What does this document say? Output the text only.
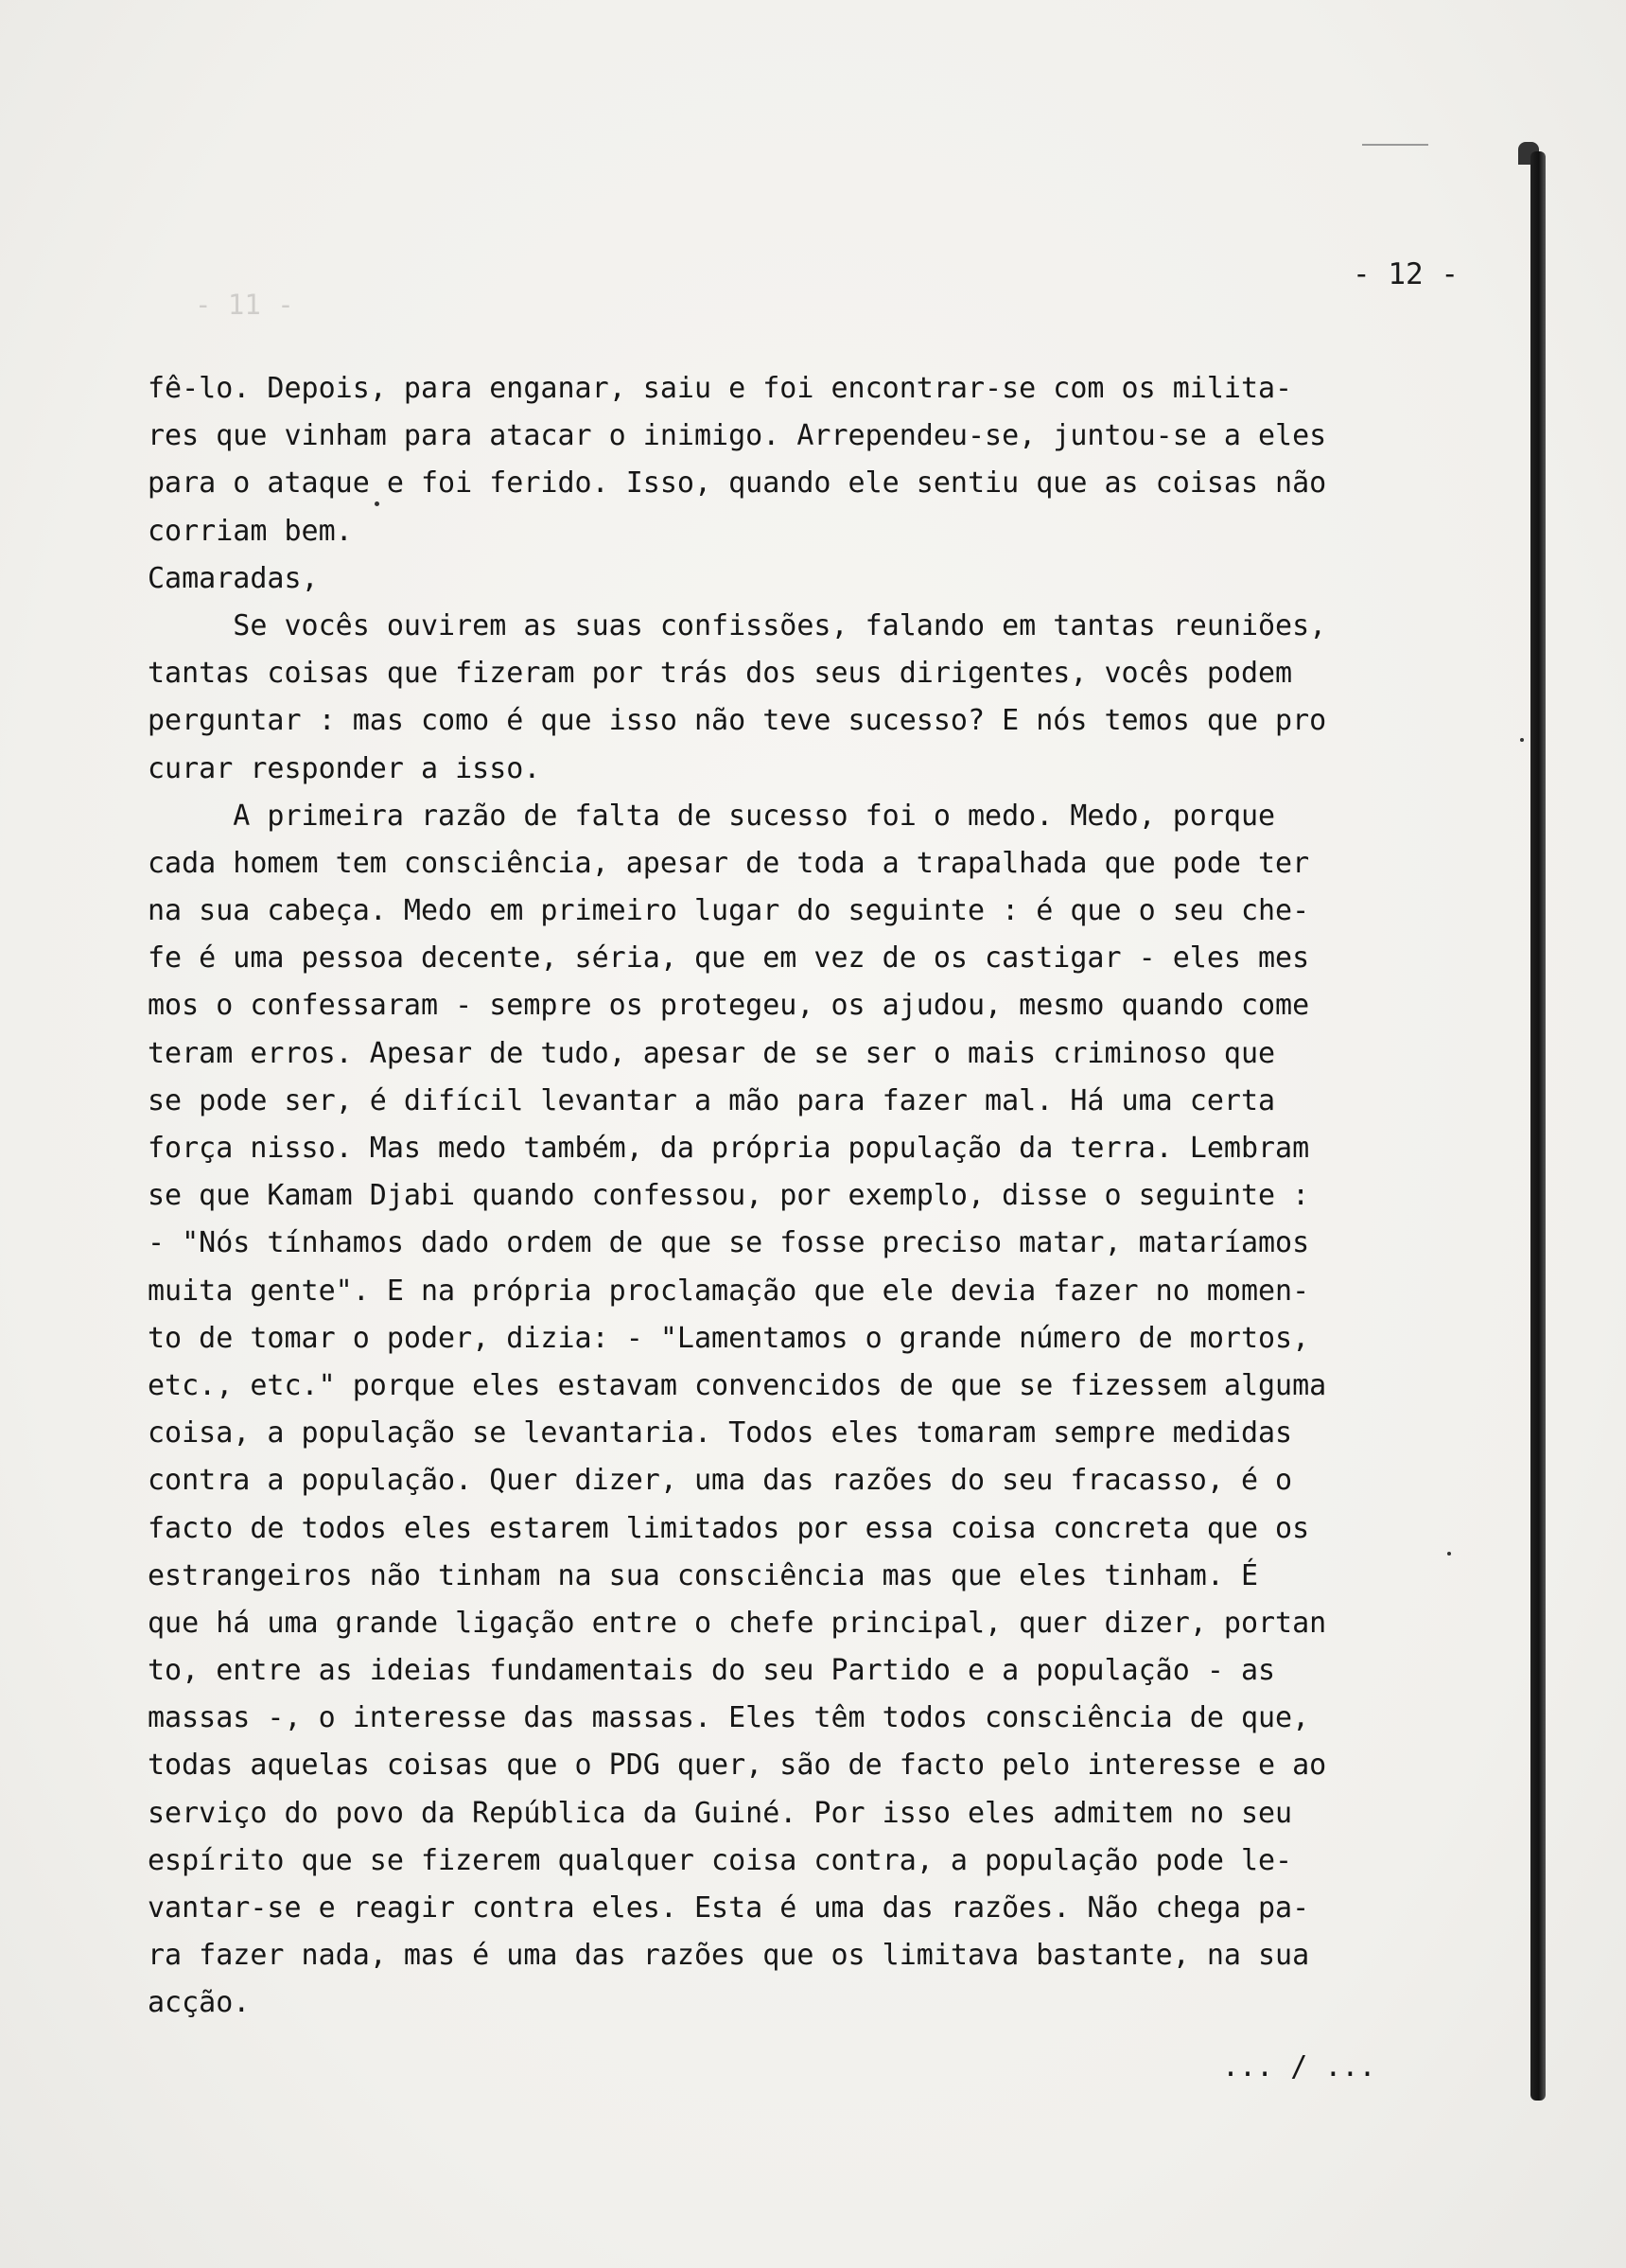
- 12 -
- 11 -
fê-lo. Depois, para enganar, saiu e foi encontrar-se com os milita-
res que vinham para atacar o inimigo. Arrependeu-se, juntou-se a eles
para o ataque e foi ferido. Isso, quando ele sentiu que as coisas não
corriam bem.
Camaradas,
Se vocês ouvirem as suas confissões, falando em tantas reuniões,
tantas coisas que fizeram por trás dos seus dirigentes, vocês podem
perguntar : mas como é que isso não teve sucesso? E nós temos que pro
curar responder a isso.
A primeira razão de falta de sucesso foi o medo. Medo, porque
cada homem tem consciência, apesar de toda a trapalhada que pode ter
na sua cabeça. Medo em primeiro lugar do seguinte : é que o seu che-
fe é uma pessoa decente, séria, que em vez de os castigar - eles mes
mos o confessaram - sempre os protegeu, os ajudou, mesmo quando come
teram erros. Apesar de tudo, apesar de se ser o mais criminoso que
se pode ser, é difícil levantar a mão para fazer mal. Há uma certa
força nisso. Mas medo também, da própria população da terra. Lembram
se que Kamam Djabi quando confessou, por exemplo, disse o seguinte :
- "Nós tínhamos dado ordem de que se fosse preciso matar, mataríamos
muita gente". E na própria proclamação que ele devia fazer no momen-
to de tomar o poder, dizia: - "Lamentamos o grande número de mortos,
etc., etc." porque eles estavam convencidos de que se fizessem alguma
coisa, a população se levantaria. Todos eles tomaram sempre medidas
contra a população. Quer dizer, uma das razões do seu fracasso, é o
facto de todos eles estarem limitados por essa coisa concreta que os
estrangeiros não tinham na sua consciência mas que eles tinham. É
que há uma grande ligação entre o chefe principal, quer dizer, portan
to, entre as ideias fundamentais do seu Partido e a população - as
massas -, o interesse das massas. Eles têm todos consciência de que,
todas aquelas coisas que o PDG quer, são de facto pelo interesse e ao
serviço do povo da República da Guiné. Por isso eles admitem no seu
espírito que se fizerem qualquer coisa contra, a população pode le-
vantar-se e reagir contra eles. Esta é uma das razões. Não chega pa-
ra fazer nada, mas é uma das razões que os limitava bastante, na sua
acção.
... / ...
